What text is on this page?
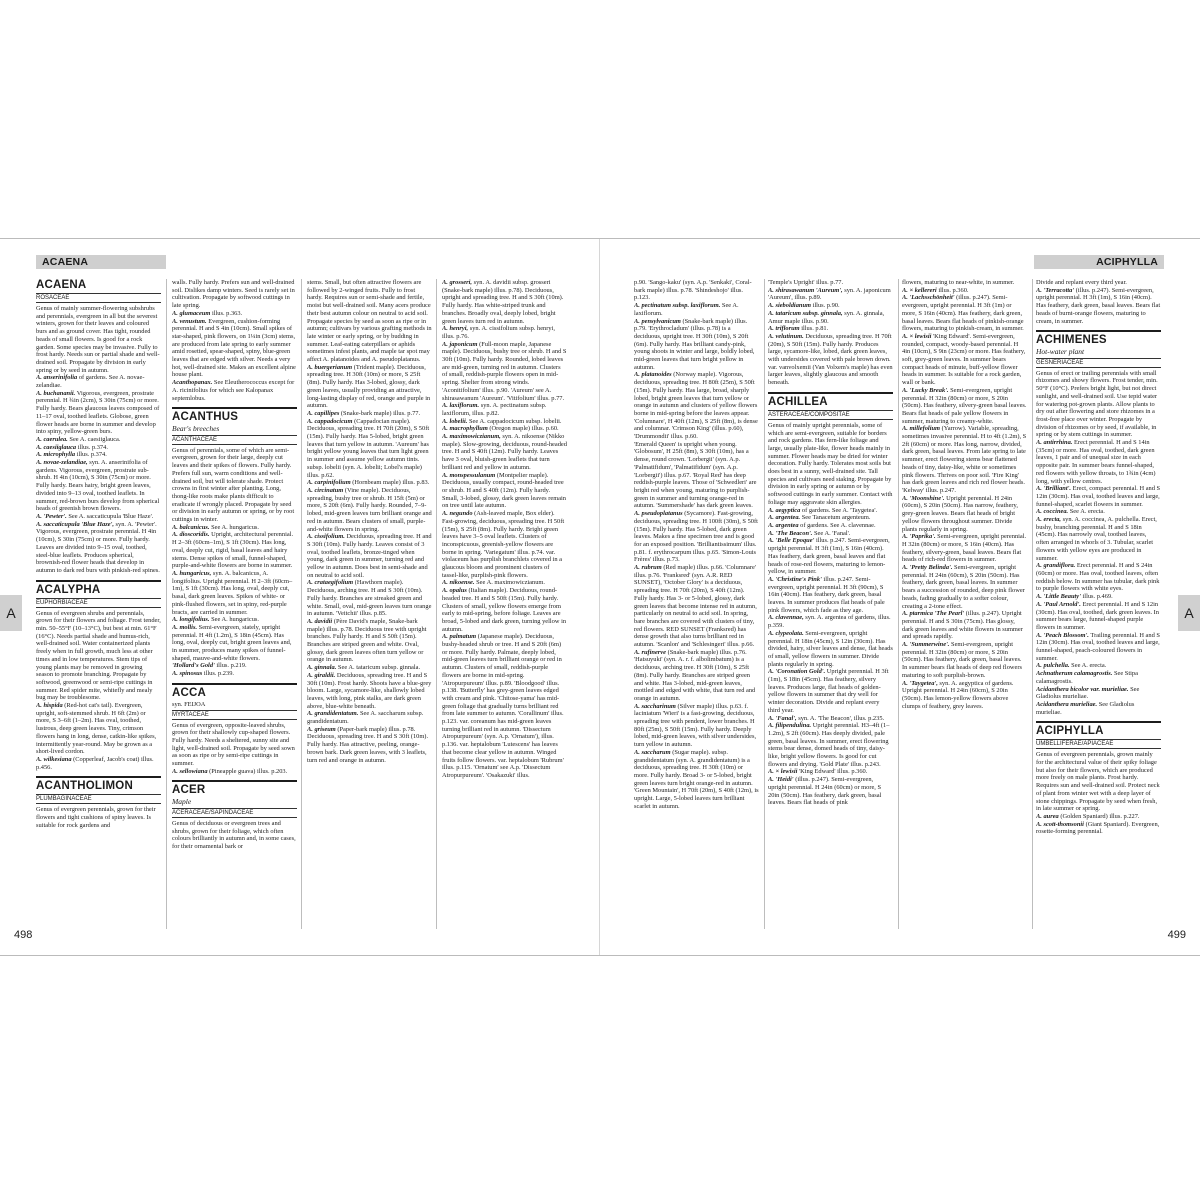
ACAENA
A
ACAENA
ROSACEAE

Genus of mainly summer-flowering subshrubs and perennials, evergreen in all but the severest winters, grown for their leaves and coloured burs and as ground cover. Has tight, rounded heads of small flowers. Is good for a rock garden. Some species may be invasive. Fully to frost hardy. Needs sun or partial shade and well-drained soil. Propagate by division in early spring or by seed in autumn.

A. anserinifolia of gardens. See A. novae-zelandiae.

A. buchananii. Vigorous, evergreen, prostrate perennial. H ¾in (2cm), S 30in (75cm) or more. Fully hardy. Bears glaucous leaves composed of 11–17 oval, toothed leaflets. Globose, green flower heads are borne in summer and develop into spiny, yellow-green burs.

A. caerulea. See A. caesiiglauca.

A. caesiiglauca illus. p.374.

A. microphylla illus. p.374.

A. novae-zelandiae, syn. A. anserinifolia of gardens. Vigorous, evergreen, prostrate sub-shrub. H 4in (10cm), S 30in (75cm) or more. Fully hardy. Bears hairy, bright green leaves, divided into 9–13 oval, toothed leaflets. In summer, red-brown burs develop from spherical heads of greenish brown flowers.

A. 'Pewter'. See A. saccaticupula 'Blue Haze'.

A. saccaticupula 'Blue Haze', syn. A. 'Pewter'. Vigorous, evergreen, prostrate perennial. H 4in (10cm), S 30in (75cm) or more. Fully hardy. Leaves are divided into 9–15 oval, toothed, steel-blue leaflets. Produces spherical, brownish-red flower heads that develop in autumn to dark red burs with pinkish-red spines.

ACALYPHA
EUPHORBIACEAE

Genus of evergreen shrubs and perennials, grown for their flowers and foliage. Frost tender, min. 50–55°F (10–13°C), but best at min. 61°F (16°C). Needs partial shade and humus-rich, well-drained soil. Water containerized plants freely when in full growth, much less at other times and in low temperatures. Stem tips of young plants may be removed in growing season to promote branching. Propagate by softwood, greenwood or semi-ripe cuttings in summer. Red spider mite, whitefly and mealy bug may be troublesome.

A. hispida (Red-hot cat's tail). Evergreen, upright, soft-stemmed shrub. H 6ft (2m) or more, S 3–6ft (1–2m). Has oval, toothed, lustrous, deep green leaves. Tiny, crimson flowers hang in long, dense, catkin-like spikes, intermittently year-round. May be grown as a short-lived cordon.

A. wilkesiana (Copperleaf, Jacob's coat) illus. p.456.

ACANTHOLIMON
PLUMBAGINACEAE

Genus of evergreen perennials, grown for their flowers and tight cushions of spiny leaves. Is suitable for rock gardens and

walls. Fully hardy. Prefers sun and well-drained soil. Dislikes damp winters. Seed is rarely set in cultivation. Propagate by softwood cuttings in late spring.

A. glumaceum illus. p.363.

A. venustum. Evergreen, cushion-forming perennial. H and S 4in (10cm). Small spikes of star-shaped, pink flowers, on 1¼in (3cm) stems, are produced from late spring to early summer amid rosetted, spear-shaped, spiny, blue-green leaves that are edged with silver. Needs a very hot, well-drained site. Makes an excellent alpine house plant.

Acanthopanax. See Eleutherococcus except for A. ricinifolius for which see Kalopanax septemlobus.

ACANTHUS
Bear's breeches
ACANTHACEAE

Genus of perennials, some of which are semi-evergreen, grown for their large, deeply cut leaves and their spikes of flowers. Fully hardy. Prefers full sun, warm conditions and well-drained soil, but will tolerate shade. Protect crowns in first winter after planting. Long, thong-like roots make plants difficult to eradicate if wrongly placed. Propagate by seed or division in early autumn or spring, or by root cuttings in winter.

A. balcanicus. See A. hungaricus.

A. dioscoridis. Upright, architectural perennial. H 2–3ft (60cm–1m), S 1ft (30cm). Has long, oval, deeply cut, rigid, basal leaves and hairy stems. Dense spikes of small, funnel-shaped, purple-and-white flowers are borne in summer.

A. hungaricus, syn. A. balcanicus, A. longifolius. Upright perennial. H 2–3ft (60cm–1m), S 1ft (30cm). Has long, oval, deeply cut, basal, dark green leaves. Spikes of white- or pink-flushed flowers, set in spiny, red-purple bracts, are carried in summer.

A. longifolius. See A. hungaricus.

A. mollis. Semi-evergreen, stately, upright perennial. H 4ft (1.2m), S 18in (45cm). Has long, oval, deeply cut, bright green leaves and, in summer, produces many spikes of funnel-shaped, mauve-and-white flowers.

'Hollard's Gold' illus. p.219.

A. spinosus illus. p.239.

ACCA
syn. FEIJOA
MYRTACEAE

Genus of evergreen, opposite-leaved shrubs, grown for their shallowly cup-shaped flowers. Fully hardy. Needs a sheltered, sunny site and light, well-drained soil. Propagate by seed sown as soon as ripe or by semi-ripe cuttings in summer.

A. sellowiana (Pineapple guava) illus. p.203.

ACER
Maple
ACERACEAE/SAPINDACEAE

Genus of deciduous or evergreen trees and shrubs, grown for their foliage, which often colours brilliantly in autumn and, in some cases, for their ornamental bark or

stems. Small, but often attractive flowers are followed by 2-winged fruits. Fully to frost hardy. Requires sun or semi-shade and fertile, moist but well-drained soil. Many acers produce their best autumn colour on neutral to acid soil. Propagate species by seed as soon as ripe or in autumn; cultivars by various grafting methods in late winter or early spring, or by budding in summer. Leaf-eating caterpillars or aphids sometimes infest plants, and maple tar spot may affect A. platanoides and A. pseudoplatanus.

A. buergerianum (Trident maple). Deciduous, spreading tree. H 30ft (10m) or more, S 25ft (8m). Fully hardy. Has 3-lobed, glossy, dark green leaves, usually providing an attractive, long-lasting display of red, orange and purple in autumn.

A. capillipes (Snake-bark maple) illus. p.77.

A. cappadocicum (Cappadocian maple). Deciduous, spreading tree. H 70ft (20m), S 50ft (15m). Fully hardy. Has 5-lobed, bright green leaves that turn yellow in autumn. 'Aureum' has bright yellow young leaves that turn light green in summer and assume yellow autumn tints. subsp. lobelii (syn. A. lobelii; Lobel's maple) illus. p.62.

A. carpinifolium (Hornbeam maple) illus. p.83.

A. circinatum (Vine maple). Deciduous, spreading, bushy tree or shrub. H 15ft (5m) or more, S 20ft (6m). Fully hardy. Rounded, 7–9-lobed, mid-green leaves turn brilliant orange and red in autumn. Bears clusters of small, purple-and-white flowers in spring.

A. cissifolium. Deciduous, spreading tree. H and S 30ft (10m). Fully hardy. Leaves consist of 3 oval, toothed leaflets, bronze-tinged when young, dark green in summer, turning red and yellow in autumn. Does best in semi-shade and on neutral to acid soil.

A. crataegifolium (Hawthorn maple). Deciduous, arching tree. H and S 30ft (10m). Fully hardy. Branches are streaked green and white. Small, oval, mid-green leaves turn orange in autumn. 'Veitchii' illus. p.85.

A. davidii (Père David's maple, Snake-bark maple) illus. p.78. Deciduous tree with upright branches. Fully hardy. H and S 50ft (15m). Branches are striped green and white. Oval, glossy, dark green leaves often turn yellow or orange in autumn.

A. ginnala. See A. tataricum subsp. ginnala.

A. giraldii. Deciduous, spreading tree. H and S 30ft (10m). Frost hardy. Shoots have a blue-grey bloom. Large, sycamore-like, shallowly lobed leaves, with long, pink stalks, are dark green above, blue-white beneath.

A. grandidentatum. See A. saccharum subsp. grandidentatum.

A. griseum (Paper-bark maple) illus. p.78. Deciduous, spreading tree. H and S 30ft (10m). Fully hardy. Has attractive, peeling, orange-brown bark. Dark green leaves, with 3 leaflets, turn red and orange in autumn.

A. grosseri, syn. A. davidii subsp. grosseri (Snake-bark maple) illus. p.78). Deciduous, upright and spreading tree. H and S 30ft (10m). Fully hardy. Has white-striped trunk and branches. Broadly oval, deeply lobed, bright green leaves turn red in autumn.

A. henryi, syn. A. cissifolium subsp. henryi, illus. p.76.

A. japonicum (Full-moon maple, Japanese maple). Deciduous, bushy tree or shrub. H and S 30ft (10m). Fully hardy. Rounded, lobed leaves are mid-green, turning red in autumn. Clusters of small, reddish-purple flowers open in mid-spring. Shelter from strong winds. 'Aconitifolium' illus. p.90. 'Aureum' see A. shirasawanum 'Aureum'. 'Vitifolium' illus. p.77.

A. laxiflorum. syn. A. pectinatum subsp. laxiflorum, illus. p.82.

A. lobelii. See A. cappadocicum subsp. lobelii.

A. macrophyllum (Oregon maple) illus. p.60.

A. maximowiczianum, syn. A. nikoense (Nikko maple). Slow-growing, deciduous, round-headed tree. H and S 40ft (12m). Fully hardy. Leaves have 3 oval, bluish-green leaflets that turn brilliant red and yellow in autumn.

A. monspessulanum (Montpelier maple). Deciduous, usually compact, round-headed tree or shrub. H and S 40ft (12m). Fully hardy. Small, 3-lobed, glossy, dark green leaves remain on tree until late autumn.

A. negundo (Ash-leaved maple, Box elder). Fast-growing, deciduous, spreading tree. H 50ft (15m), S 25ft (8m). Fully hardy. Bright green leaves have 3–5 oval leaflets. Clusters of inconspicuous, greenish-yellow flowers are borne in spring. 'Variegatum' illus. p.74. var. violaceum has purplish branchlets covered in a glaucous bloom and prominent clusters of tassel-like, purplish-pink flowers.

A. nikoense. See A. maximowiczianum.

A. opalus (Italian maple). Deciduous, round-headed tree. H and S 50ft (15m). Fully hardy. Clusters of small, yellow flowers emerge from early to mid-spring, before foliage. Leaves are broad, 5-lobed and dark green, turning yellow in autumn.

A. palmatum (Japanese maple). Deciduous, bushy-headed shrub or tree. H and S 20ft (6m) or more. Fully hardy. Palmate, deeply lobed, mid-green leaves turn brilliant orange or red in autumn. Clusters of small, reddish-purple flowers are borne in mid-spring. 'Atropurpureum' illus. p.89. 'Bloodgood' illus. p.138. 'Butterfly' has grey-green leaves edged with cream and pink. 'Chitose-yama' has mid-green foliage that gradually turns brilliant red from late summer to autumn. 'Corallinum' illus. p.123. var. coreanum has mid-green leaves turning brilliant red in autumn. 'Dissectum Atropurpureum' (syn. A.p. 'Ornatum'), illus. p.136. var. heptalobum 'Lutescens' has leaves that become clear yellow in autumn. Winged fruits follow flowers. var. heptalobum 'Rubrum' illus. p.115. 'Ornatum' see A.p. 'Dissectum Atropurpureum'. 'Osakazuki' illus.

498
ACIPHYLLA
A

p.90. 'Sango-kaku' (syn. A.p. 'Senkaki', Coral-bark maple) illus. p.78. 'Shindeshojo' illus. p.123.

A. pectinatum subsp. laxiflorum. See A. laxiflorum.

A. pensylvanicum (Snake-bark maple) illus. p.79. 'Erythrocladum' (illus. p.78) is a deciduous, upright tree. H 30ft (10m), S 20ft (6m). Fully hardy. Has brilliant candy-pink, young shoots in winter and large, boldly lobed, mid-green leaves that turn bright yellow in autumn.

A. platanoides (Norway maple). Vigorous, deciduous, spreading tree. H 80ft (25m), S 50ft (15m). Fully hardy. Has large, broad, sharply lobed, bright green leaves that turn yellow or orange in autumn and clusters of yellow flowers borne in mid-spring before the leaves appear. 'Columnare', H 40ft (12m), S 25ft (8m), is dense and columnar. 'Crimson King' (illus. p.60), 'Drummondii' illus. p.60.

'Emerald Queen' is upright when young. 'Globosum', H 25ft (8m), S 30ft (10m), has a dense, round crown. 'Lorbergii' (syn. A.p. 'Palmatifidum', 'Palmatifidum' (syn. A.p. 'Lorbergii') illus. p.67. 'Royal Red' has deep reddish-purple leaves. Those of 'Schwedleri' are bright red when young, maturing to purplish-green in summer and turning orange-red in autumn. 'Summershade' has dark green leaves.

A. pseudoplatanus (Sycamore). Fast-growing, deciduous, spreading tree. H 100ft (30m), S 50ft (15m). Fully hardy. Has 5-lobed, dark green leaves. Makes a fine specimen tree and is good for an exposed position. 'Brilliantissimum' illus. p.81. f. erythrocarpum illus. p.65. 'Simon-Louis Frères' illus. p.73.

A. rubrum (Red maple) illus. p.66. 'Columnare' illus. p.76. 'Franksred' (syn. A.R. RED SUNSET), 'October Glory' is a deciduous, spreading tree. H 70ft (20m), S 40ft (12m). Fully hardy. Has 3- or 5-lobed, glossy, dark green leaves that become intense red in autumn, particularly on neutral to acid soil. In spring, bare branches are covered with clusters of tiny, red flowers. RED SUNSET (Franksred) has dense growth that also turns brilliant red in autumn. 'Scanlon' and 'Schlesingeri' illus. p.66.

A. rufinerve (Snake-bark maple) illus. p.76. 'Hatsuyuki' (syn. A. r. f. albolimbatum) is a deciduous, arching tree. H 30ft (10m), S 25ft (8m). Fully hardy. Branches are striped green and white. Has 3-lobed, mid-green leaves, mottled and edged with white, that turn red and orange in autumn.

A. saccharinum (Silver maple) illus. p.63. f. laciniatum 'Wieri' is a fast-growing, deciduous, spreading tree with pendent, lower branches. H 80ft (25m), S 50ft (15m). Fully hardy. Deeply lobed, mid-green leaves, with silver undersides, turn yellow in autumn.

A. saccharum (Sugar maple). subsp. grandidentatum (syn. A. grandidentatum) is a deciduous, spreading tree. H 30ft (10m) or more. Fully hardy. Broad 3- or 5-lobed, bright green leaves turn bright orange-red in autumn. 'Green Mountain', H 70ft (20m), S 40ft (12m), is upright. Large, 5-lobed leaves turn brilliant scarlet in autumn.

'Temple's Upright' illus. p.77.

A. shirasawanum 'Aureum', syn. A. japonicum 'Aureum', illus. p.89.

A. sieboldianum illus. p.90.

A. tataricum subsp. ginnala, syn. A. ginnala, Amur maple illus. p.90.

A. triflorum illus. p.81.

A. velutinum. Deciduous, spreading tree. H 70ft (20m), S 50ft (15m). Fully hardy. Produces large, sycamore-like, lobed, dark green leaves, with undersides covered with pale brown down. var. vanvolxemii (Van Volxem's maple) has even larger leaves, slightly glaucous and smooth beneath.

ACHILLEA
ASTERACEAE/COMPOSITAE

Genus of mainly upright perennials, some of which are semi-evergreen, suitable for borders and rock gardens. Has fern-like foliage and large, usually plate-like, flower heads mainly in summer. Flower heads may be dried for winter decoration. Fully hardy. Tolerates most soils but does best in a sunny, well-drained site. Tall species and cultivars need staking. Propagate by division in early spring or autumn or by softwood cuttings in early summer. Contact with foliage may aggravate skin allergies.

A. aegyptica of gardens. See A. 'Taygetea'.

A. argentea. See Tanacetum argenteum.

A. argentea of gardens. See A. clavennae.

A. 'The Beacon'. See A. 'Fanal'.

A. 'Belle Epoque' illus. p.247. Semi-evergreen, upright perennial. H 3ft (1m), S 16in (40cm). Has feathery, dark green, basal leaves and flat heads of rose-red flowers, maturing to lemon-yellow, in summer.

A. 'Christine's Pink' illus. p.247. Semi-evergreen, upright perennial. H 3ft (90cm), S 16in (40cm). Has feathery, dark green, basal leaves. In summer produces flat heads of pale pink flowers, which fade as they age.

A. clavennae, syn. A. argentea of gardens, illus. p.359.

A. clypeolata. Semi-evergreen, upright perennial. H 18in (45cm), S 12in (30cm). Has divided, hairy, silver leaves and dense, flat heads of small, yellow flowers in summer. Divide plants regularly in spring.

A. 'Coronation Gold'. Upright perennial. H 3ft (1m), S 18in (45cm). Has feathery, silvery leaves. Produces large, flat heads of golden-yellow flowers in summer that dry well for winter decoration. Divide and replant every third year.

A. 'Fanal', syn. A. 'The Beacon', illus. p.235.

A. filipendulina. Upright perennial. H3–4ft (1–1.2m), S 2ft (60cm). Has deeply divided, pale green, basal leaves. In summer, erect flowering stems bear dense, domed heads of tiny, daisy-like, bright yellow flowers. Is good for cut flowers and drying. 'Gold Plate' illus. p.243.

A. × lewisii 'King Edward' illus. p.360.

A. 'Heidi' (illus. p.247). Semi-evergreen, upright perennial. H 24in (60cm) or more, S 20in (50cm). Has feathery, dark green, basal leaves. Bears flat heads of pink

flowers, maturing to near-white, in summer.

A. × kellereri illus. p.360.

A. 'Lachsschönheit' (illus. p.247). Semi-evergreen, upright perennial. H 3ft (1m) or more, S 16in (40cm). Has feathery, dark green, basal leaves. Bears flat heads of pinkish-orange flowers, maturing to pinkish-cream, in summer.

A. × lewisii 'King Edward'. Semi-evergreen, rounded, compact, woody-based perennial. H 4in (10cm), S 9in (23cm) or more. Has feathery, soft, grey-green leaves. In summer bears compact heads of minute, buff-yellow flower heads in summer. Is suitable for a rock garden, wall or bank.

A. 'Lucky Break'. Semi-evergreen, upright perennial. H 32in (80cm) or more, S 20in (50cm). Has feathery, silvery-green basal leaves. Bears flat heads of pale yellow flowers in summer, maturing to creamy-white.

A. millefolium (Yarrow). Variable, spreading, sometimes invasive perennial. H to 4ft (1.2m), S 2ft (60cm) or more. Has long, narrow, divided, dark green, basal leaves. From late spring to late summer, erect flowering stems bear flattened heads of tiny, daisy-like, white or sometimes pink flowers. Thrives on poor soil. 'Fire King' has dark green leaves and rich red flower heads. 'Kelway' illus. p.247.

A. 'Moonshine'. Upright perennial. H 24in (60cm), S 20in (50cm). Has narrow, feathery, grey-green leaves. Bears flat heads of bright yellow flowers throughout summer. Divide plants regularly in spring.

A. 'Paprika'. Semi-evergreen, upright perennial. H 32in (80cm) or more, S 16in (40cm). Has feathery, silvery-green, basal leaves. Bears flat heads of rich-red flowers in summer.

A. 'Pretty Belinda'. Semi-evergreen, upright perennial. H 24in (60cm), S 20in (50cm). Has feathery, dark green, basal leaves. In summer bears a succession of rounded, deep pink flower heads, fading gradually to a softer colour, creating a 2-tone effect.

A. ptarmica 'The Pearl' (illus. p.247). Upright perennial. H and S 30in (75cm). Has glossy, dark green leaves and white flowers in summer and spreads rapidly.

A. 'Summerwine'. Semi-evergreen, upright perennial. H 32in (80cm) or more, S 20in (50cm). Has feathery, dark green, basal leaves. In summer bears flat heads of deep red flowers maturing to soft purplish-brown.

A. 'Taygetea', syn. A. aegyptica of gardens. Upright perennial. H 24in (60cm), S 20in (50cm). Has lemon-yellow flowers above clumps of feathery, grey leaves.

Divide and replant every third year.

A. 'Terracotta' (illus. p.247). Semi-evergreen, upright perennial. H 3ft (1m), S 16in (40cm). Has feathery, dark green, basal leaves. Bears flat heads of burnt-orange flowers, maturing to cream, in summer.

ACHIMENES
Hot-water plant
GESNERIACEAE

Genus of erect or trailing perennials with small rhizomes and showy flowers. Frost tender, min. 50°F (10°C). Prefers bright light, but not direct sunlight, and well-drained soil. Use tepid water for watering pot-grown plants. Allow plants to dry out after flowering and store rhizomes in a frost-free place over winter. Propagate by division of rhizomes or by seed, if available, in spring or by stem cuttings in summer.

A. antirrhina. Erect perennial. H and S 14in (35cm) or more. Has oval, toothed, dark green leaves, 1 pair and of unequal size in each opposite pair. In summer bears funnel-shaped, red flowers with yellow throats, to 1¾in (4cm) long, with yellow centres.

A. 'Brilliant'. Erect, compact perennial. H and S 12in (30cm). Has oval, toothed leaves and large, funnel-shaped, scarlet flowers in summer.

A. coccinea. See A. erecta.

A. erecta, syn. A. coccinea, A. pulchella. Erect, bushy, branching perennial. H and S 18in (45cm). Has narrowly oval, toothed leaves, often arranged in whorls of 3. Tubular, scarlet flowers with yellow eyes are produced in summer.

A. grandiflora. Erect perennial. H and S 24in (60cm) or more. Has oval, toothed leaves, often reddish below. In summer has tubular, dark pink to purple flowers with white eyes.

A. 'Little Beauty' illus. p.469.

A. 'Paul Arnold'. Erect perennial. H and S 12in (30cm). Has oval, toothed, dark green leaves. In summer bears large, funnel-shaped purple flowers in summer.

A. 'Peach Blossom'. Trailing perennial. H and S 12in (30cm). Has oval, toothed leaves and large, funnel-shaped, peach-coloured flowers in summer.

A. pulchella. See A. erecta.

Achnatherum calamagrostis. See Stipa calamagrostis.

Acidanthera bicolor var. murieliae. See Gladiolus murieliae.

Acidanthera murieliae. See Gladiolus murieliae.

ACIPHYLLA
UMBELLIFERAE/APIACEAE

Genus of evergreen perennials, grown mainly for the architectural value of their spiky foliage but also for their flowers, which are produced more freely on male plants. Frost hardy. Requires sun and well-drained soil. Protect neck of plant from winter wet with a deep layer of stone chippings. Propagate by seed when fresh, in late summer or spring.

A. aurea (Golden Spaniard) illus. p.227.

A. scott-thomsonii (Giant Spaniard). Evergreen, rosette-forming perennial.

499
